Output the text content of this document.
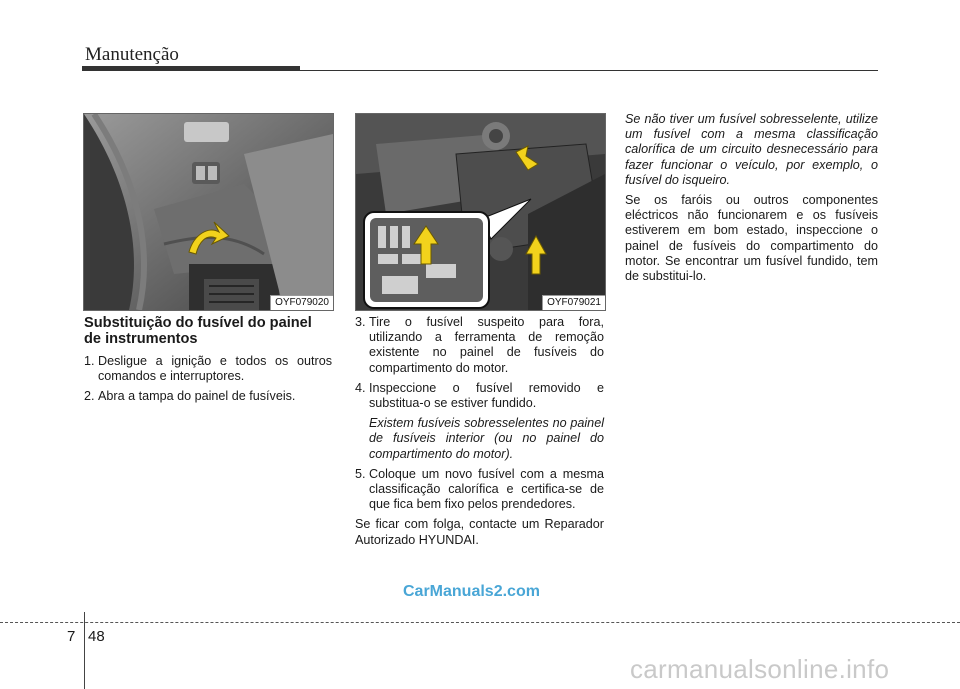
Manutenção
OYF079020	OYF079021
Substituição do fusível do painel de instrumentos
1. Desligue a ignição e todos os outros comandos e interruptores.
2. Abra a tampa do painel de fusíveis.
3. Tire o fusível suspeito para fora, utilizando a ferramenta de remoção existente no painel de fusíveis do compartimento do motor.
4. Inspeccione o fusível removido e substitua-o se estiver fundido.
Existem fusíveis sobresselentes no painel de fusíveis interior (ou no painel do compartimento do motor).
5. Coloque um novo fusível com a mesma classificação calorífica e certifica-se de que fica bem fixo pelos prendedores.

Se ficar com folga, contacte um Reparador Autorizado HYUNDAI.

Se não tiver um fusível sobresselente, utilize um fusível com a mesma classificação calorífica de um circuito desnecessário para fazer funcionar o veículo, por exemplo, o fusível do isqueiro.

Se os faróis ou outros componentes eléctricos não funcionarem e os fusíveis estiverem em bom estado, inspeccione o painel de fusíveis do compartimento do motor. Se encontrar um fusível fundido, tem de substitui-lo.

CarManuals2.com
7 48
carmanualsonline.info
